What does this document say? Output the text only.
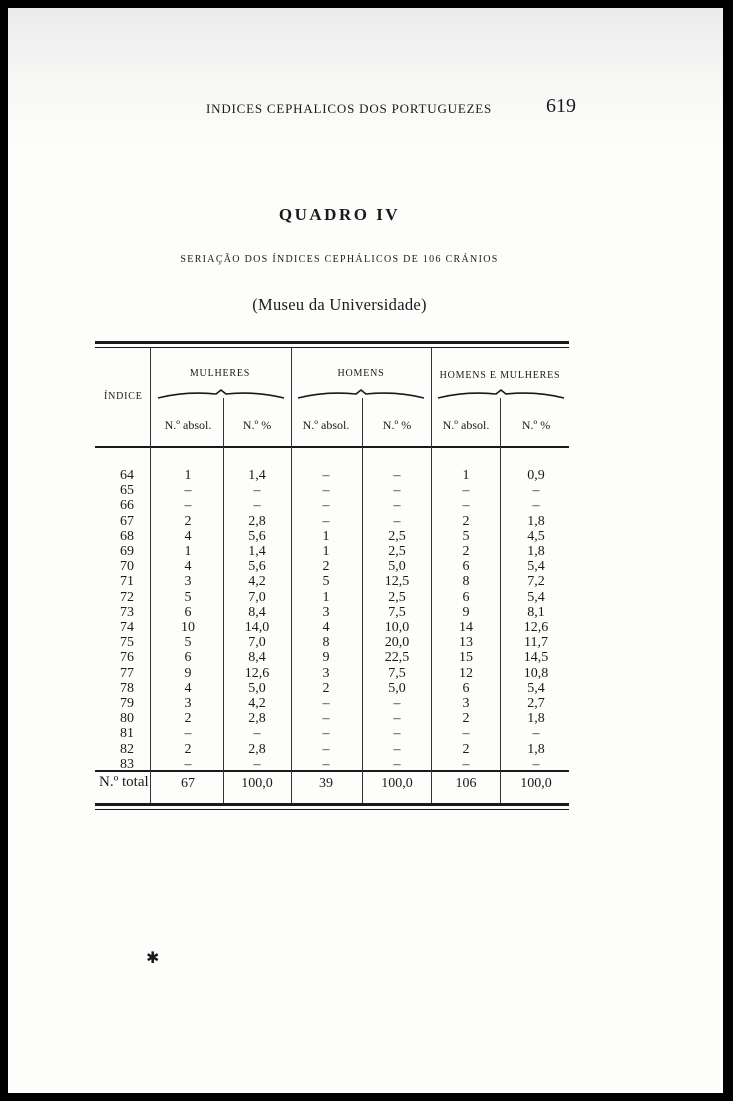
INDICES CEPHALICOS DOS PORTUGUEZES	619
QUADRO IV
SERIAÇÃO DOS ÍNDICES CEPHÁLICOS DE 106 CRÁNIOS
(Museu da Universidade)
ÍNDICE
MULHERES	HOMENS	HOMENS E MULHERES
N.º absol.	N.º %	N.º absol.	N.º %	N.º absol.	N.º %
64	1	1,4	–	–	1	0,9
65	–	–	–	–	–	–
66	–	–	–	–	–	–
67	2	2,8	–	–	2	1,8
68	4	5,6	1	2,5	5	4,5
69	1	1,4	1	2,5	2	1,8
70	4	5,6	2	5,0	6	5,4
71	3	4,2	5	12,5	8	7,2
72	5	7,0	1	2,5	6	5,4
73	6	8,4	3	7,5	9	8,1
74	10	14,0	4	10,0	14	12,6
75	5	7,0	8	20,0	13	11,7
76	6	8,4	9	22,5	15	14,5
77	9	12,6	3	7,5	12	10,8
78	4	5,0	2	5,0	6	5,4
79	3	4,2	–	–	3	2,7
80	2	2,8	–	–	2	1,8
81	–	–	–	–	–	–
82	2	2,8	–	–	2	1,8
83	–	–	–	–	–	–
N.º total 67	100,0	39	100,0	106	100,0
✱
